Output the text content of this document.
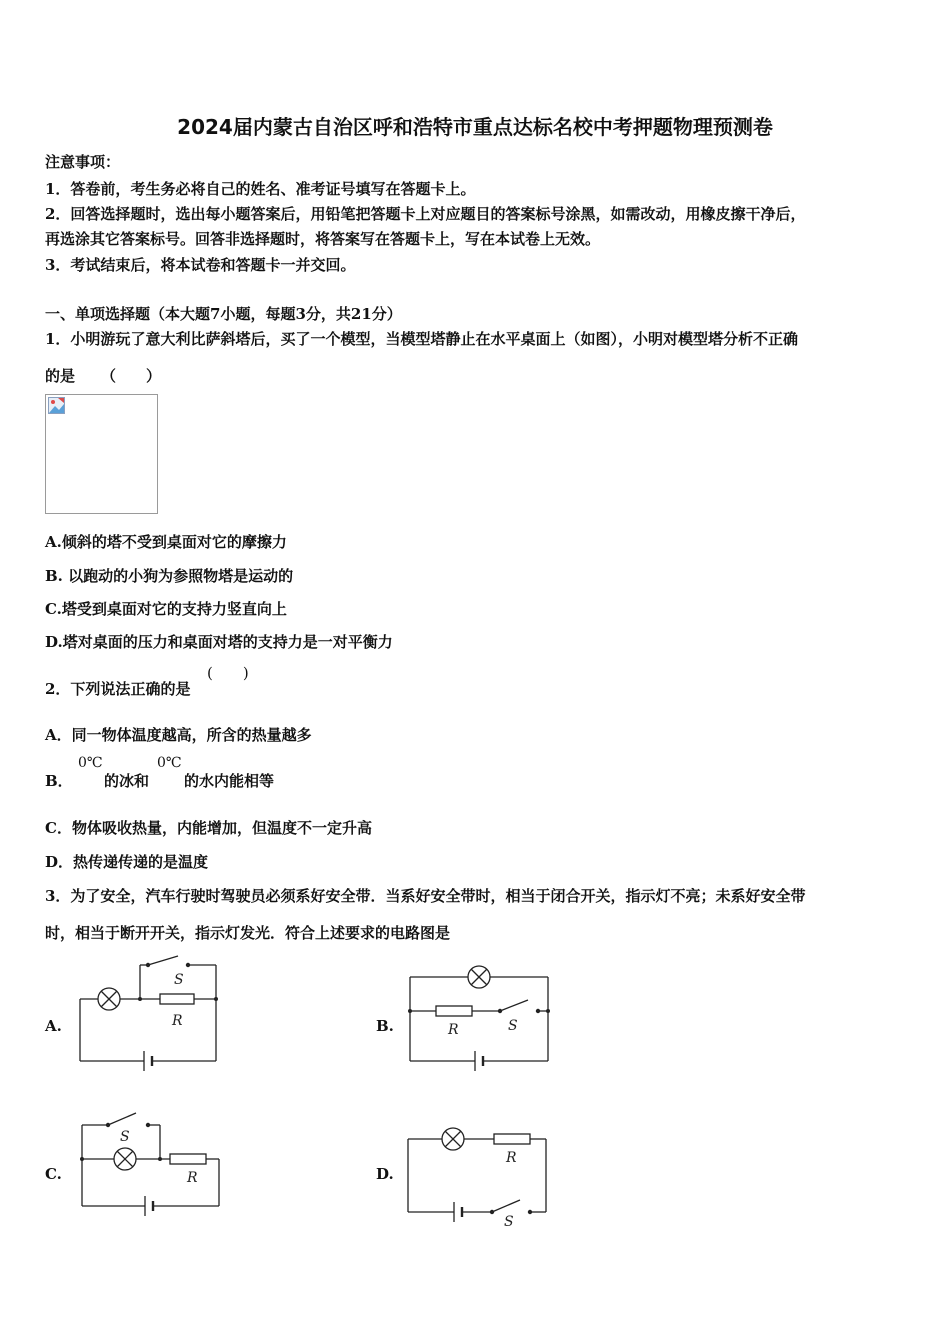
2024届内蒙古自治区呼和浩特市重点达标名校中考押题物理预测卷
注意事项：
1．答卷前，考生务必将自己的姓名、准考证号填写在答题卡上。
2．回答选择题时，选出每小题答案后，用铅笔把答题卡上对应题目的答案标号涂黑，如需改动，用橡皮擦干净后，
再选涂其它答案标号。回答非选择题时，将答案写在答题卡上，写在本试卷上无效。
3．考试结束后，将本试卷和答题卡一并交回。
一、单项选择题（本大题7小题，每题3分，共21分）
1．小明游玩了意大利比萨斜塔后，买了一个模型，当模型塔静止在水平桌面上（如图），小明对模型塔分析不正确
的是 （　　）
A.倾斜的塔不受到桌面对它的摩擦力
B. 以跑动的小狗为参照物塔是运动的
C.塔受到桌面对它的支持力竖直向上
D.塔对桌面的压力和桌面对塔的支持力是一对平衡力
2．下列说法正确的是
(　　)
A．同一物体温度越高，所含的热量越多
B．
0℃
的冰和
0℃
的水内能相等
C．物体吸收热量，内能增加，但温度不一定升高
D．热传递传递的是温度
3．为了安全，汽车行驶时驾驶员必须系好安全带．当系好安全带时，相当于闭合开关，指示灯不亮；未系好安全带
时，相当于断开开关，指示灯发光．符合上述要求的电路图是
A.	B.
C.	D.
S
R
R	S
S
R
R
S
